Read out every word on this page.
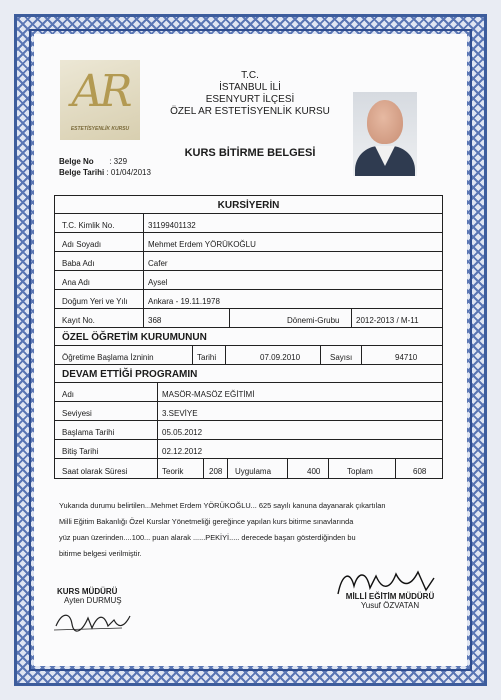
AR
ESTETİSYENLİK KURSU
T.C.
İSTANBUL İLİ
ESENYURT İLÇESİ
ÖZEL AR ESTETİSYENLİK KURSU
KURS BİTİRME BELGESİ
Belge No : 329
Belge Tarihi : 01/04/2013
KURSİYERİN
T.C. Kimlik No.	31199401132
Adı Soyadı	Mehmet Erdem YÖRÜKOĞLU
Baba Adı	Cafer
Ana Adı	Aysel
Doğum Yeri ve Yılı	Ankara - 19.11.1978
Kayıt No.	368	Dönemi-Grubu 2012-2013 / M-11
ÖZEL ÖĞRETİM KURUMUNUN
Öğretime Başlama İzninin	Tarihi	07.09.2010	Sayısı	94710
DEVAM ETTİĞİ PROGRAMIN
Adı	MASÖR-MASÖZ EĞİTİMİ
Seviyesi	3.SEVİYE
Başlama Tarihi	05.05.2012
Bitiş Tarihi	02.12.2012
Saat olarak Süresi	Teorik	208 Uygulama	400	Toplam	608
Yukarıda durumu belirtilen...Mehmet Erdem YÖRÜKOĞLU... 625 sayılı kanuna dayanarak çıkartılan
Milli Eğitim Bakanlığı Özel Kurslar Yönetmeliği gereğince yapılan kurs bitirme sınavlarında
yüz puan üzerinden....100... puan alarak ......PEKİYİ..... derecede başarı gösterdiğinden bu
bitirme belgesi verilmiştir.
KURS MÜDÜRÜ
Ayten DURMUŞ	MİLLİ EĞİTİM MÜDÜRÜ
Yusuf ÖZVATAN
